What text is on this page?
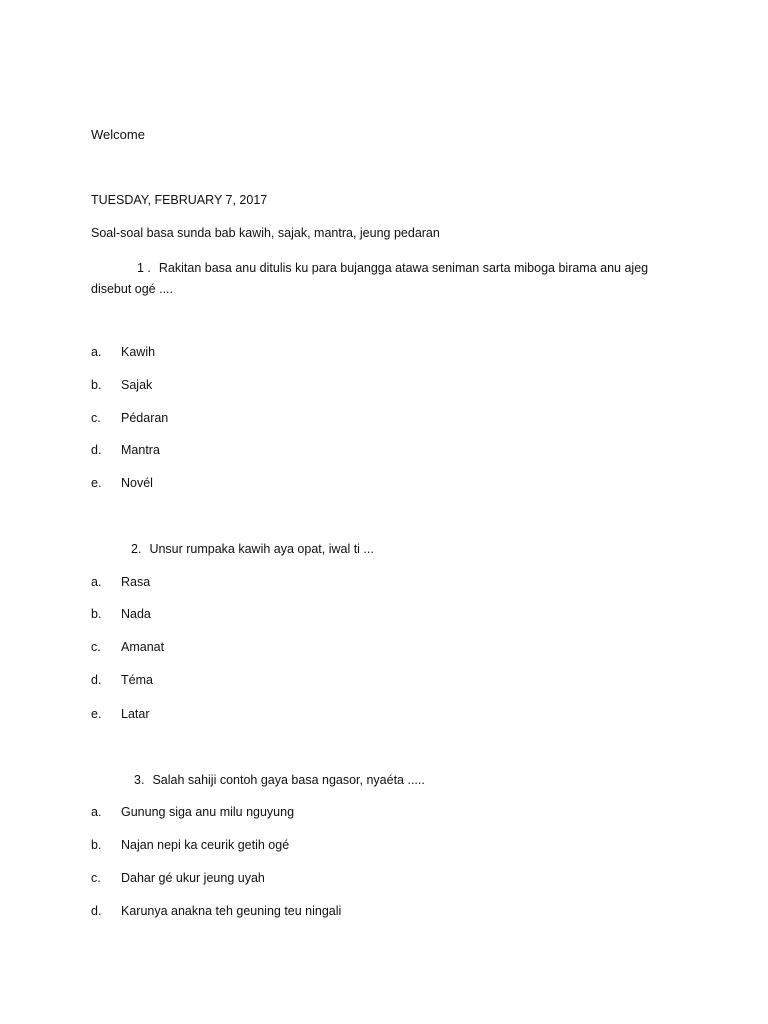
Welcome
TUESDAY, FEBRUARY 7, 2017
Soal-soal basa sunda bab kawih, sajak, mantra, jeung pedaran
1 . Rakitan basa anu ditulis ku para bujangga atawa seniman sarta miboga birama anu ajeg disebut ogé ....
a. Kawih
b. Sajak
c. Pédaran
d. Mantra
e. Novél
2. Unsur rumpaka kawih aya opat, iwal ti ...
a. Rasa
b. Nada
c. Amanat
d. Téma
e. Latar
3. Salah sahiji contoh gaya basa ngasor, nyaéta .....
a. Gunung siga anu milu nguyung
b. Najan nepi ka ceurik getih ogé
c. Dahar gé ukur jeung uyah
d. Karunya anakna teh geuning teu ningali
